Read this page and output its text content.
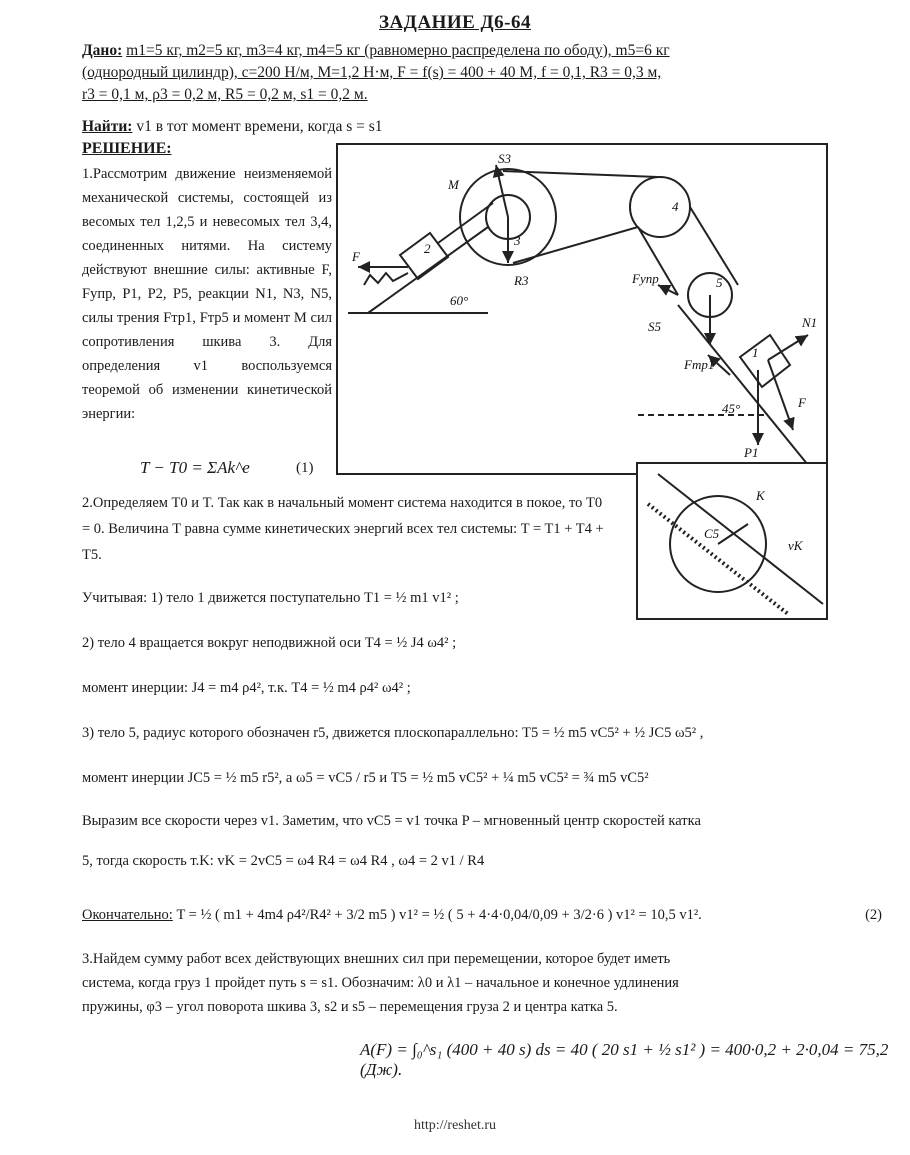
ЗАДАНИЕ Д6-64
Дано: m1=5 кг, m2=5 кг, m3=4 кг, m4=5 кг (равномерно распределена по ободу), m5=6 кг
(однородный цилиндр), c=200 Н/м, M=1,2 Н·м, F = f(s) = 400 + 40 M, f = 0,1, R3 = 0,3 м,
r3 = 0,1 м, ρ3 = 0,2 м, R5 = 0,2 м, s1 = 0,2 м.
Найти: v1 в тот момент времени, когда s = s1
РЕШЕНИЕ:
1.Рассмотрим движение неизменяемой механической системы, состоящей из весомых тел 1,2,5 и невесомых тел 3,4, соединенных нитями. На систему действуют внешние силы: активные F, Fупр, P1, P2, P5, реакции N1, N3, N5, силы трения Fтр1, Fтр5 и момент M сил сопротивления шкива 3. Для определения v1 воспользуемся теоремой об изменении кинетической энергии:
T − T0 = ΣAk^e	(1)
S3
M
F
3
2
R3
60°
4
Fупр	5
S5	N1
Fтр1
1
F
45°
P1
K
C5
vK
2.Определяем T0 и T. Так как в начальный момент система находится в покое, то T0 = 0. Величина T равна сумме кинетических энергий всех тел системы: T = T1 + T4 + T5.
Учитывая: 1) тело 1 движется поступательно T1 = ½ m1 v1² ;
2) тело 4 вращается вокруг неподвижной оси T4 = ½ J4 ω4² ;
момент инерции: J4 = m4 ρ4², т.к. T4 = ½ m4 ρ4² ω4² ;
3) тело 5, радиус которого обозначен r5, движется плоскопараллельно: T5 = ½ m5 vC5² + ½ JC5 ω5² ,
момент инерции JC5 = ½ m5 r5², а ω5 = vC5 / r5 и T5 = ½ m5 vC5² + ¼ m5 vC5² = ¾ m5 vC5²
Выразим все скорости через v1. Заметим, что vC5 = v1 точка P – мгновенный центр скоростей катка
5, тогда скорость т.K: vK = 2vC5 = ω4 R4 = ω4 R4 , ω4 = 2 v1 / R4
Окончательно: T = ½ ( m1 + 4m4 ρ4²/R4² + 3/2 m5 ) v1² = ½ ( 5 + 4·4·0,04/0,09 + 3/2·6 ) v1² = 10,5 v1².	(2)
3.Найдем сумму работ всех действующих внешних сил при перемещении, которое будет иметь
система, когда груз 1 пройдет путь s = s1. Обозначим: λ0 и λ1 – начальное и конечное удлинения
пружины, φ3 – угол поворота шкива 3, s2 и s5 – перемещения груза 2 и центра катка 5.
A(F) = ∫₀^s₁ (400 + 40 s) ds = 40 ( 20 s1 + ½ s1² ) = 400·0,2 + 2·0,04 = 75,2 (Дж).
http://reshet.ru
